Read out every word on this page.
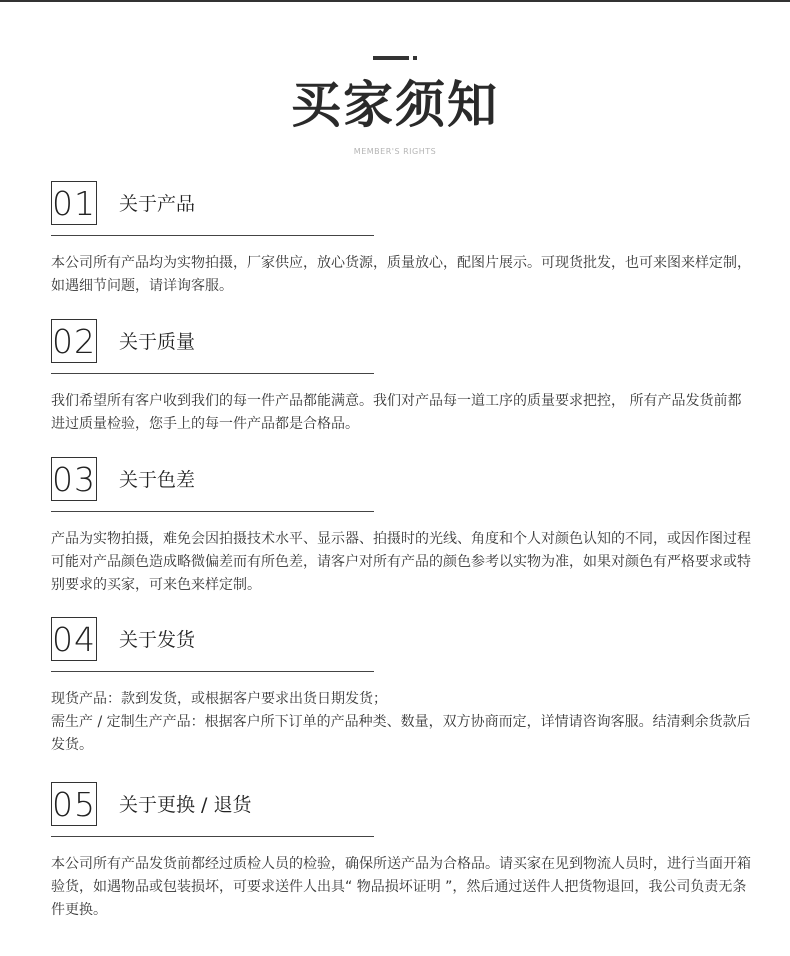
买家须知
MEMBER'S RIGHTS
01 关于产品

本公司所有产品均为实物拍摄，厂家供应，放心货源，质量放心，配图片展示。可现货批发，也可来图来样定制，如遇细节问题，请详询客服。

02 关于质量

我们希望所有客户收到我们的每一件产品都能满意。我们对产品每一道工序的质量要求把控， 所有产品发货前都进过质量检验，您手上的每一件产品都是合格品。

03 关于色差

产品为实物拍摄，难免会因拍摄技术水平、显示器、拍摄时的光线、角度和个人对颜色认知的不同，或因作图过程可能对产品颜色造成略微偏差而有所色差，请客户对所有产品的颜色参考以实物为准，如果对颜色有严格要求或特别要求的买家，可来色来样定制。

04 关于发货

现货产品：款到发货，或根据客户要求出货日期发货；

需生产 / 定制生产产品：根据客户所下订单的产品种类、数量，双方协商而定，详情请咨询客服。结清剩余货款后发货。

05 关于更换 / 退货

本公司所有产品发货前都经过质检人员的检验，确保所送产品为合格品。请买家在见到物流人员时，进行当面开箱验货，如遇物品或包装损坏，可要求送件人出具“ 物品损坏证明 ”，然后通过送件人把货物退回，我公司负责无条件更换。
